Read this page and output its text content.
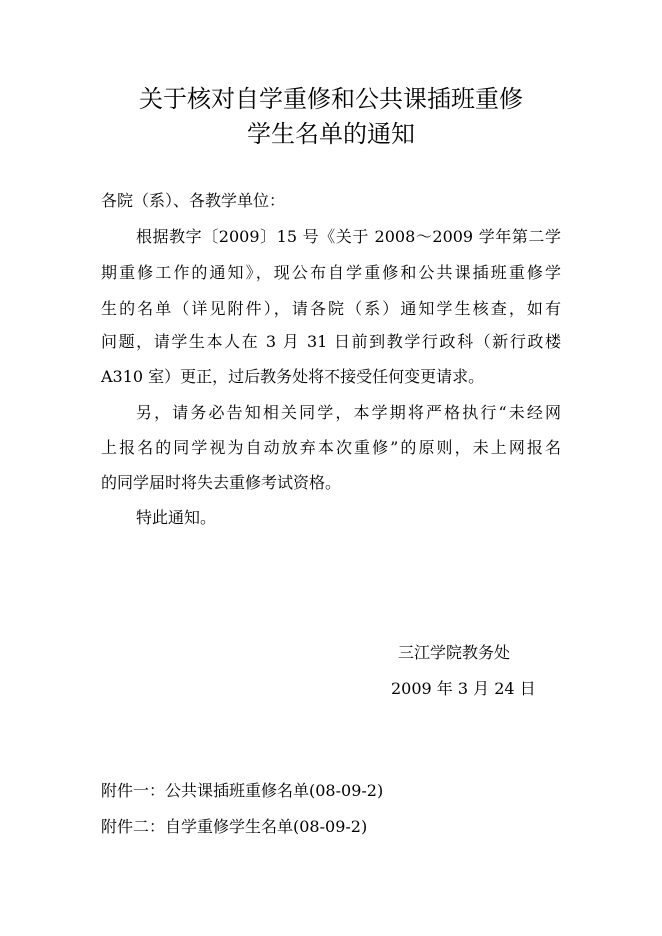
关于核对自学重修和公共课插班重修
学生名单的通知
各院（系）、各教学单位：
根据教字〔2009〕15 号《关于 2008～2009 学年第二学
期重修工作的通知》，现公布自学重修和公共课插班重修学
生的名单（详见附件），请各院（系）通知学生核查，如有
问题，请学生本人在 3 月 31 日前到教学行政科（新行政楼
A310 室）更正，过后教务处将不接受任何变更请求。
另，请务必告知相关同学，本学期将严格执行“未经网
上报名的同学视为自动放弃本次重修”的原则，未上网报名
的同学届时将失去重修考试资格。
特此通知。
三江学院教务处
2009 年 3 月 24 日
附件一：公共课插班重修名单(08-09-2)
附件二：自学重修学生名单(08-09-2)
